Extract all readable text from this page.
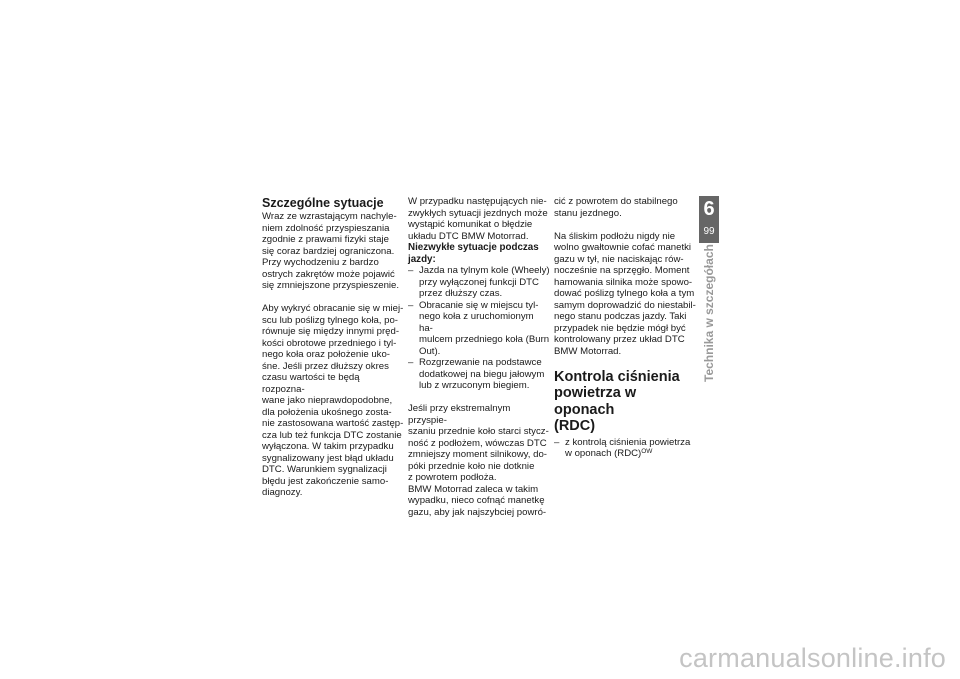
Szczególne sytuacje

Wraz ze wzrastającym nachyle-
niem zdolność przyspieszania
zgodnie z prawami fizyki staje
się coraz bardziej ograniczona.
Przy wychodzeniu z bardzo
ostrych zakrętów może pojawić
się zmniejszone przyspieszenie.

Aby wykryć obracanie się w miej-
scu lub poślizg tylnego koła, po-
równuje się między innymi pręd-
kości obrotowe przedniego i tyl-
nego koła oraz położenie uko-
śne. Jeśli przez dłuższy okres
czasu wartości te będą rozpozna-
wane jako nieprawdopodobne,
dla położenia ukośnego zosta-
nie zastosowana wartość zastęp-
cza lub też funkcja DTC zostanie
wyłączona. W takim przypadku
sygnalizowany jest błąd układu
DTC. Warunkiem sygnalizacji
błędu jest zakończenie samo-
diagnozy.

W przypadku następujących nie-
zwykłych sytuacji jezdnych może
wystąpić komunikat o błędzie
układu DTC BMW Motorrad.

Niezwykłe sytuacje podczas
jazdy:
– Jazda na tylnym kole (Wheely)
przy wyłączonej funkcji DTC
przez dłuższy czas.
– Obracanie się w miejscu tyl-
nego koła z uruchomionym ha-
mulcem przedniego koła (Burn
Out).
– Rozgrzewanie na podstawce
dodatkowej na biegu jałowym
lub z wrzuconym biegiem.

Jeśli przy ekstremalnym przyspie-
szaniu przednie koło starci stycz-
ność z podłożem, wówczas DTC
zmniejszy moment silnikowy, do-
póki przednie koło nie dotknie
z powrotem podłoża.
BMW Motorrad zaleca w takim
wypadku, nieco cofnąć manetkę
gazu, aby jak najszybciej powró-

cić z powrotem do stabilnego
stanu jezdnego.

Na śliskim podłożu nigdy nie
wolno gwałtownie cofać manetki
gazu w tył, nie naciskając rów-
nocześnie na sprzęgło. Moment
hamowania silnika może spowo-
dować poślizg tylnego koła a tym
samym doprowadzić do niestabil-
nego stanu podczas jazdy. Taki
przypadek nie będzie mógł być
kontrolowany przez układ DTC
BMW Motorrad.

Kontrola ciśnienia
powietrza w oponach
(RDC)
– z kontrolą ciśnienia powietrza
w oponach (RDC)$^{OW}$
6
99
Technika w szczegółach
carmanualsonline.info
